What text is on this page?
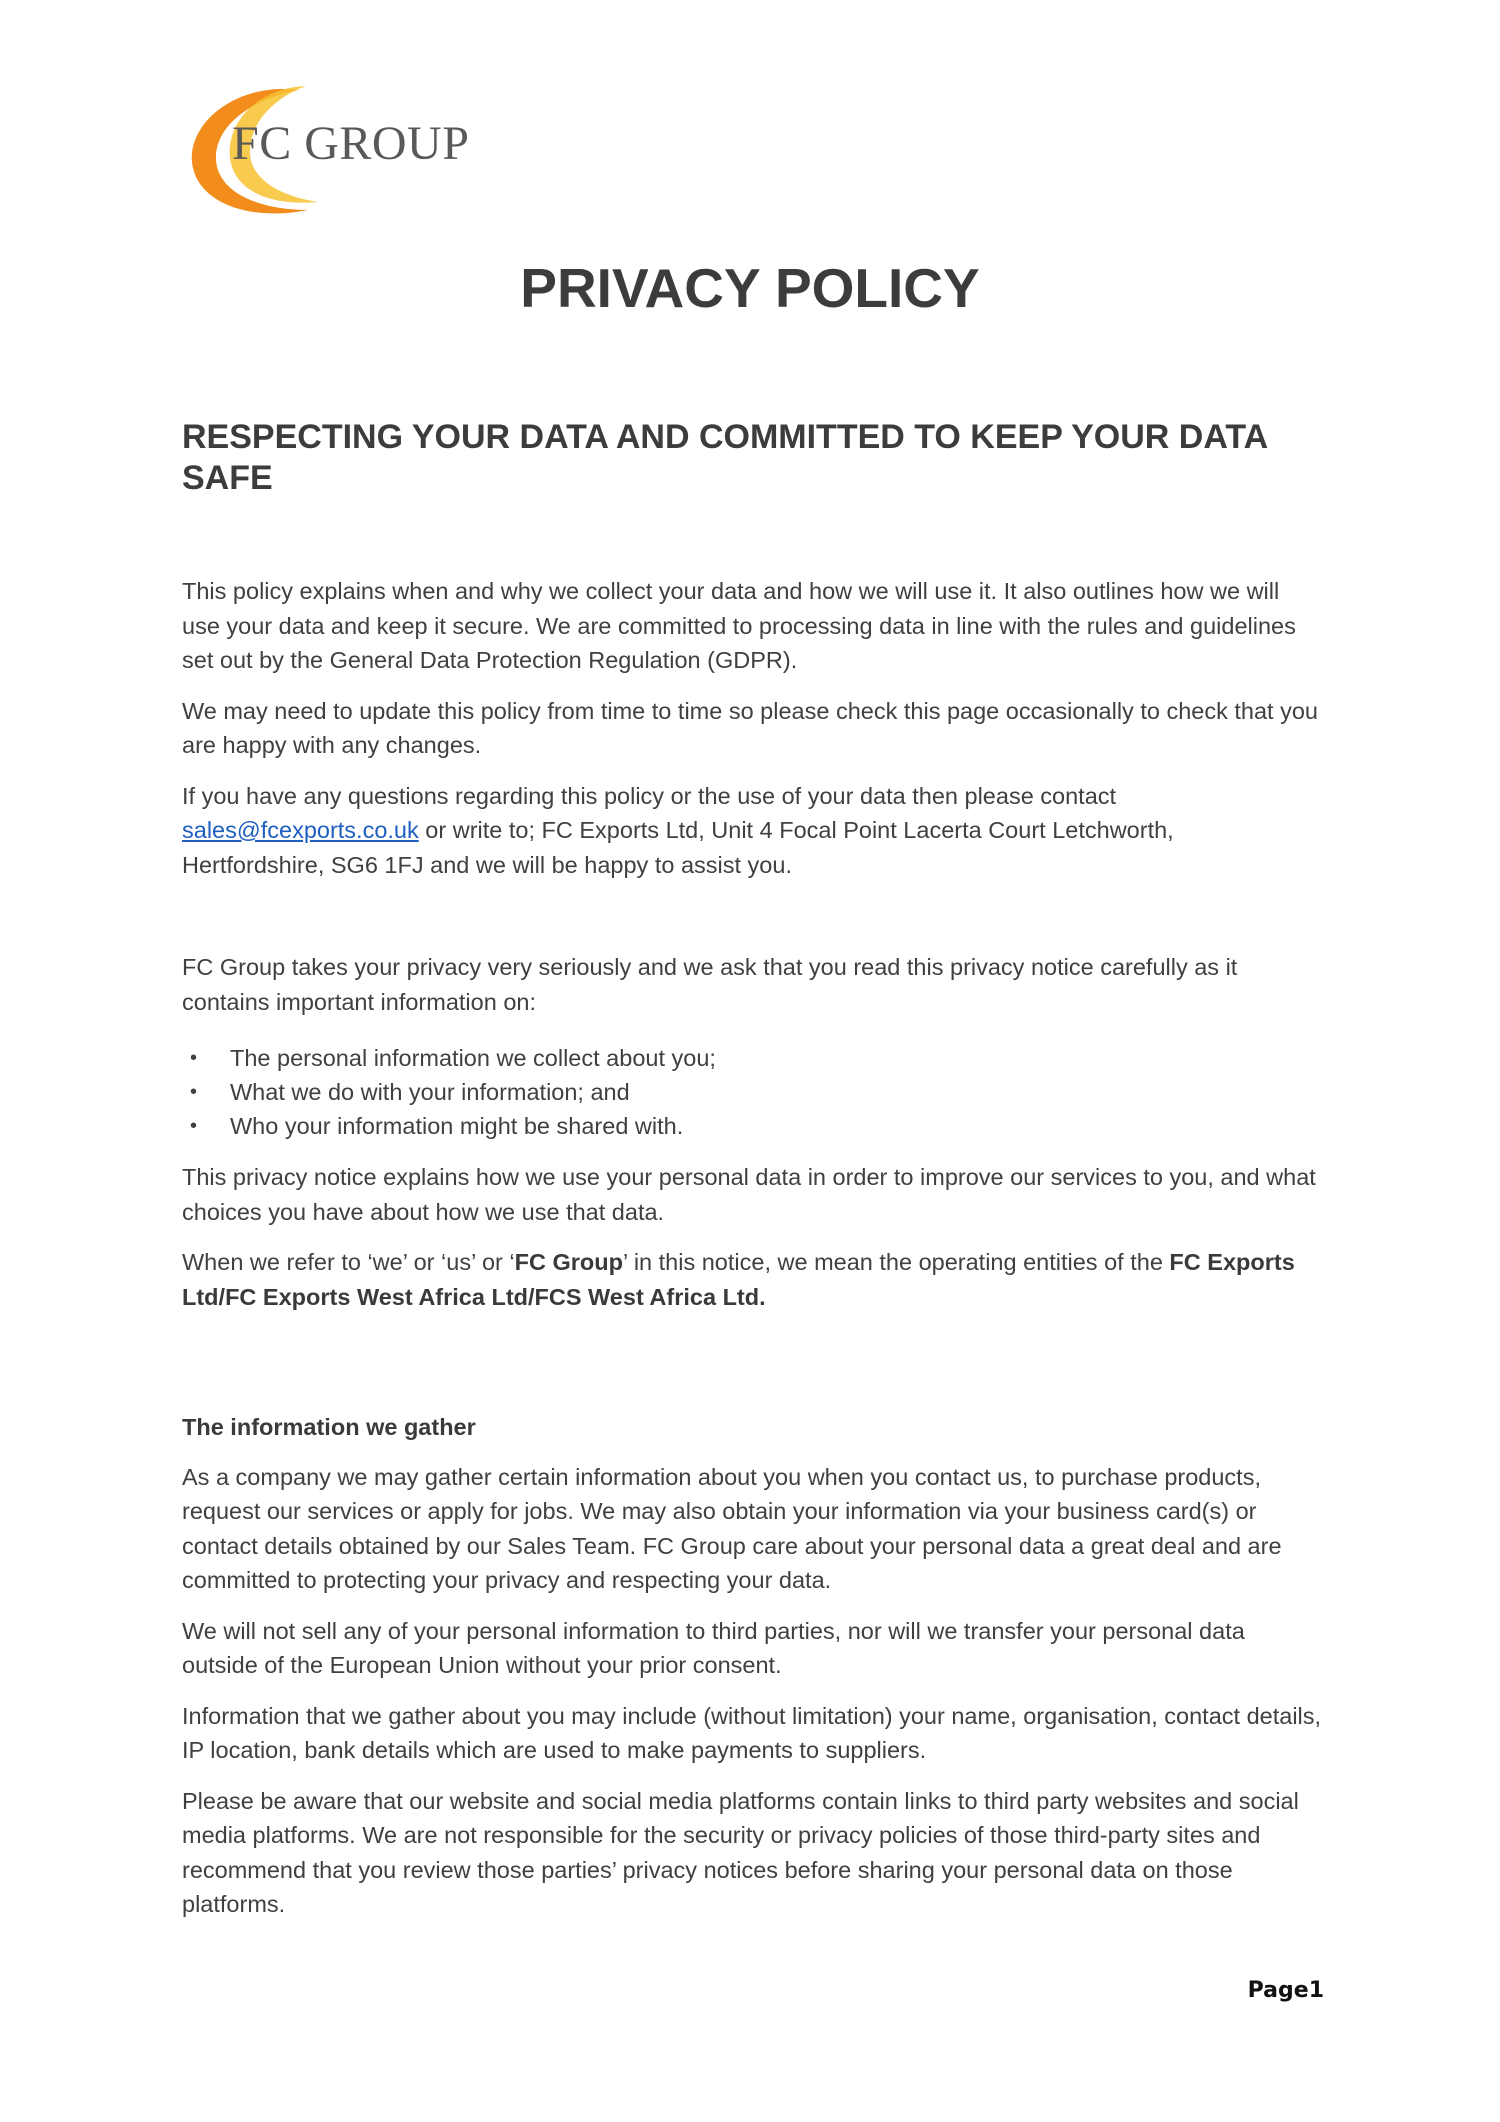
FC GROUP
PRIVACY POLICY
RESPECTING YOUR DATA AND COMMITTED TO KEEP YOUR DATA SAFE

This policy explains when and why we collect your data and how we will use it. It also outlines how we will use your data and keep it secure. We are committed to processing data in line with the rules and guidelines set out by the General Data Protection Regulation (GDPR).

We may need to update this policy from time to time so please check this page occasionally to check that you are happy with any changes.

If you have any questions regarding this policy or the use of your data then please contact sales@fcexports.co.uk or write to; FC Exports Ltd, Unit 4 Focal Point Lacerta Court Letchworth, Hertfordshire, SG6 1FJ and we will be happy to assist you.

FC Group takes your privacy very seriously and we ask that you read this privacy notice carefully as it contains important information on:

• The personal information we collect about you;
• What we do with your information; and
• Who your information might be shared with.

This privacy notice explains how we use your personal data in order to improve our services to you, and what choices you have about how we use that data.

When we refer to ‘we’ or ‘us’ or ‘FC Group’ in this notice, we mean the operating entities of the FC Exports Ltd/FC Exports West Africa Ltd/FCS West Africa Ltd.

The information we gather

As a company we may gather certain information about you when you contact us, to purchase products, request our services or apply for jobs. We may also obtain your information via your business card(s) or contact details obtained by our Sales Team. FC Group care about your personal data a great deal and are committed to protecting your privacy and respecting your data.

We will not sell any of your personal information to third parties, nor will we transfer your personal data outside of the European Union without your prior consent.

Information that we gather about you may include (without limitation) your name, organisation, contact details, IP location, bank details which are used to make payments to suppliers.

Please be aware that our website and social media platforms contain links to third party websites and social media platforms. We are not responsible for the security or privacy policies of those third-party sites and recommend that you review those parties’ privacy notices before sharing your personal data on those platforms.

Page1
